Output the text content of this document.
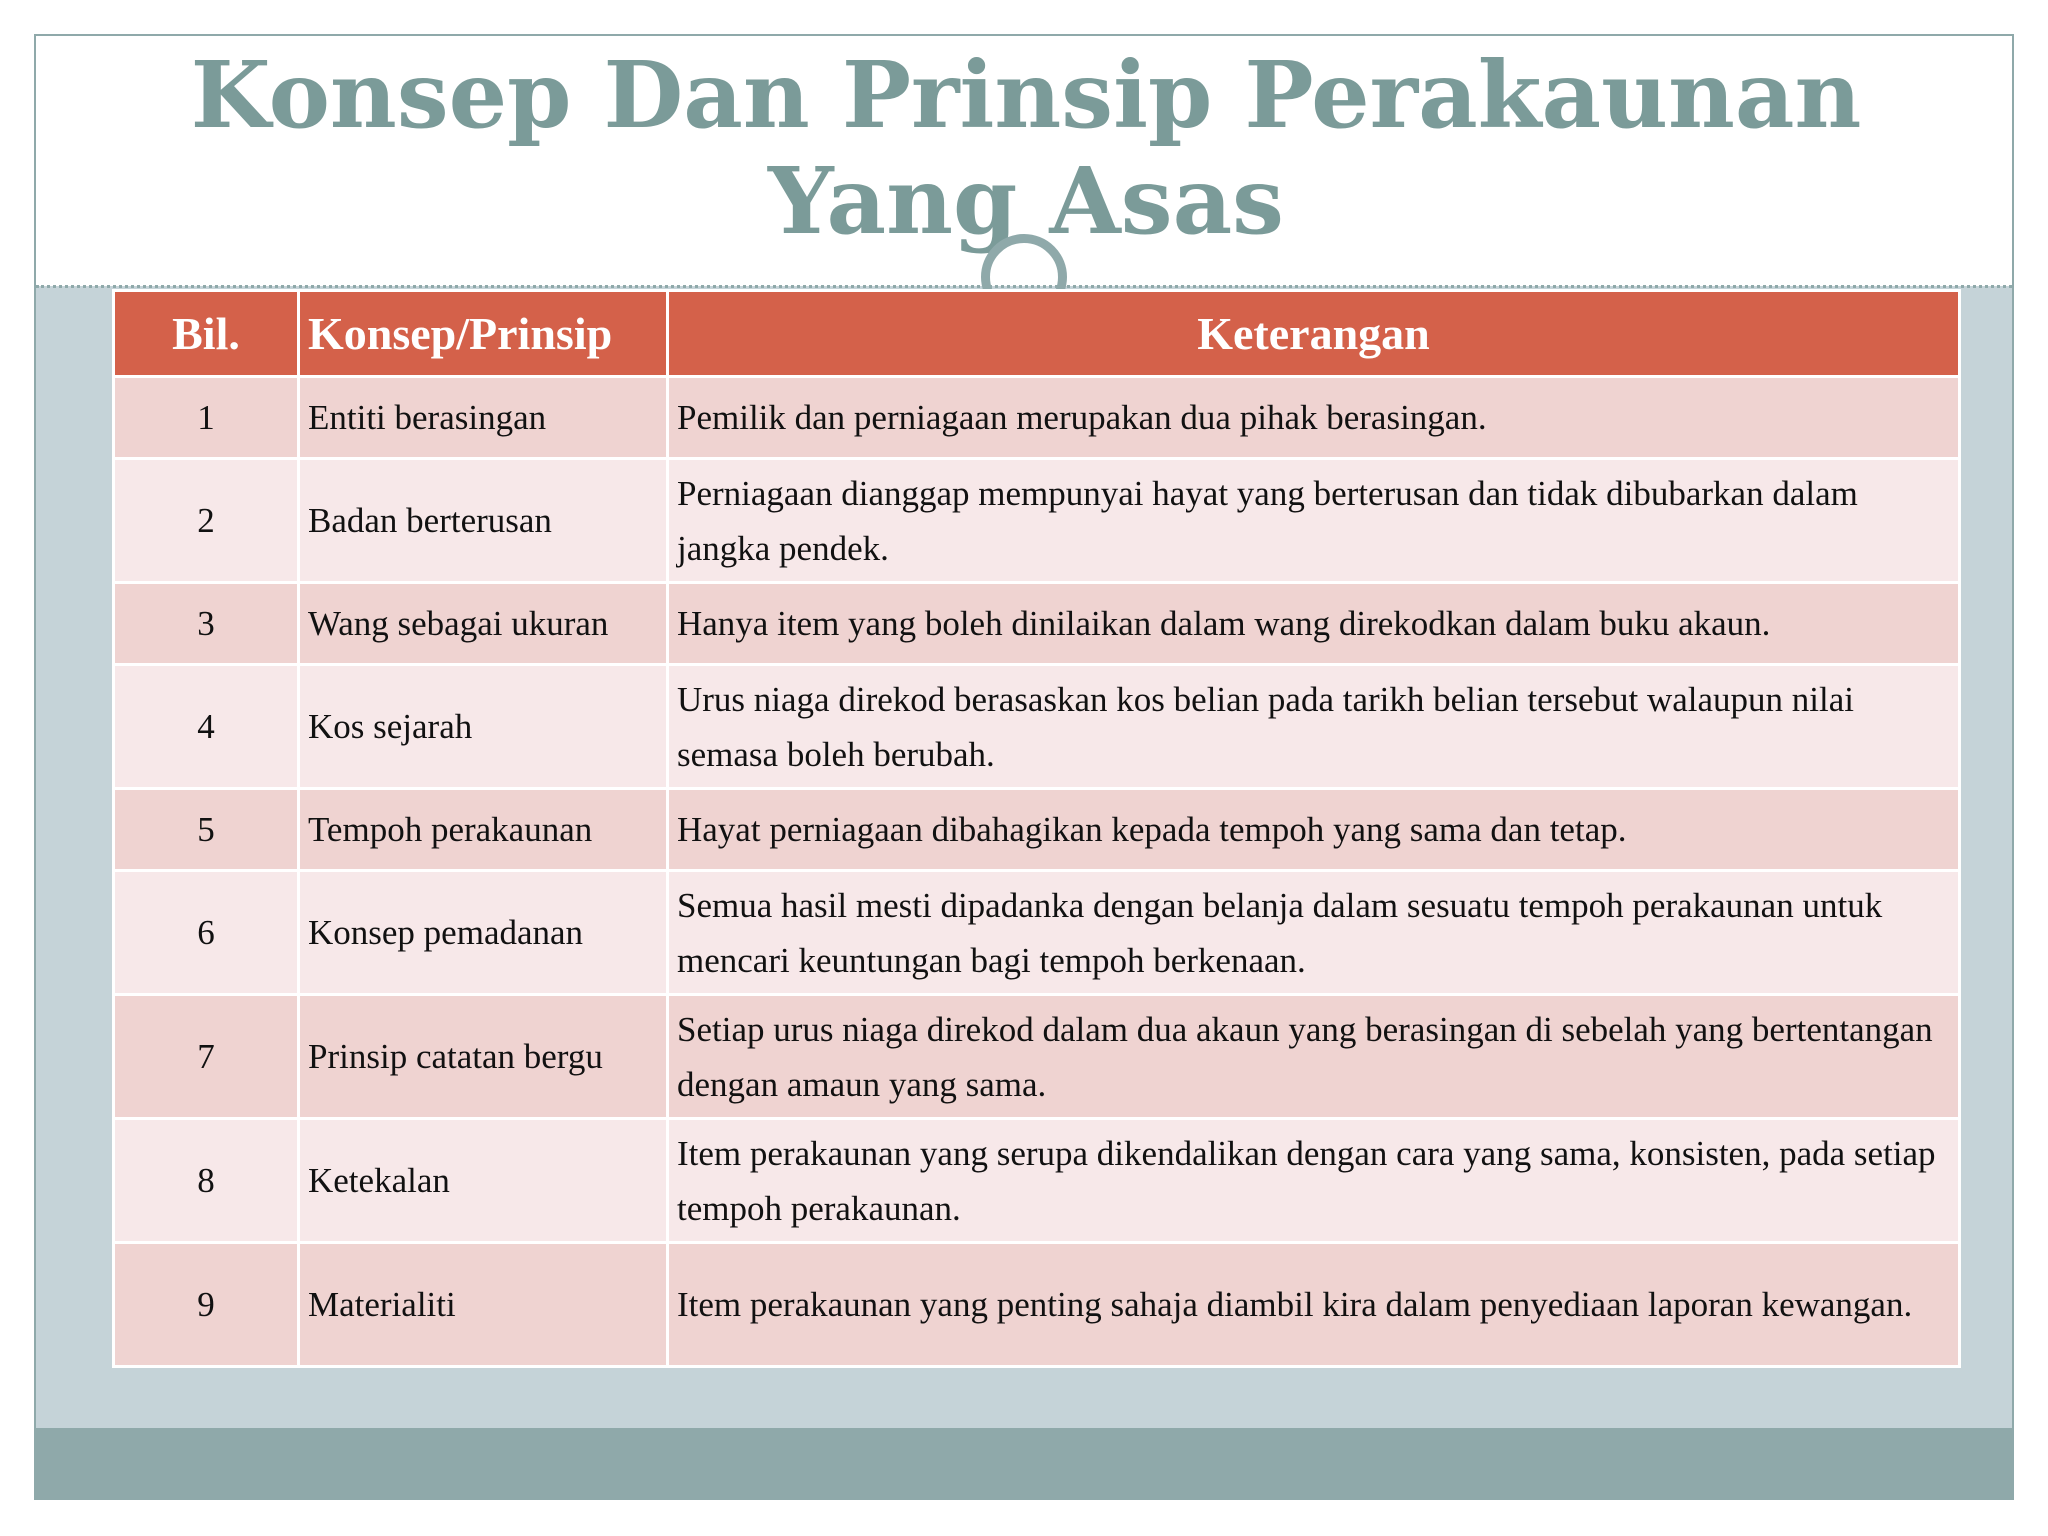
Konsep Dan Prinsip Perakaunan Yang Asas
Bil.	Konsep/Prinsip	Keterangan
1	Entiti berasingan	Pemilik dan perniagaan merupakan dua pihak berasingan.
2	Badan berterusan	Perniagaan dianggap mempunyai hayat yang berterusan dan tidak dibubarkan dalam jangka pendek.
3	Wang sebagai ukuran	Hanya item yang boleh dinilaikan dalam wang direkodkan dalam buku akaun.
4	Kos sejarah	Urus niaga direkod berasaskan kos belian pada tarikh belian tersebut walaupun nilai semasa boleh berubah.
5	Tempoh perakaunan	Hayat perniagaan dibahagikan kepada tempoh yang sama dan tetap.
6	Konsep pemadanan	Semua hasil mesti dipadanka dengan belanja dalam sesuatu tempoh perakaunan untuk mencari keuntungan bagi tempoh berkenaan.
7	Prinsip catatan bergu	Setiap urus niaga direkod dalam dua akaun yang berasingan di sebelah yang bertentangan dengan amaun yang sama.
8	Ketekalan	Item perakaunan yang serupa dikendalikan dengan cara yang sama, konsisten, pada setiap tempoh perakaunan.
9	Materialiti	Item perakaunan yang penting sahaja diambil kira dalam penyediaan laporan kewangan.
